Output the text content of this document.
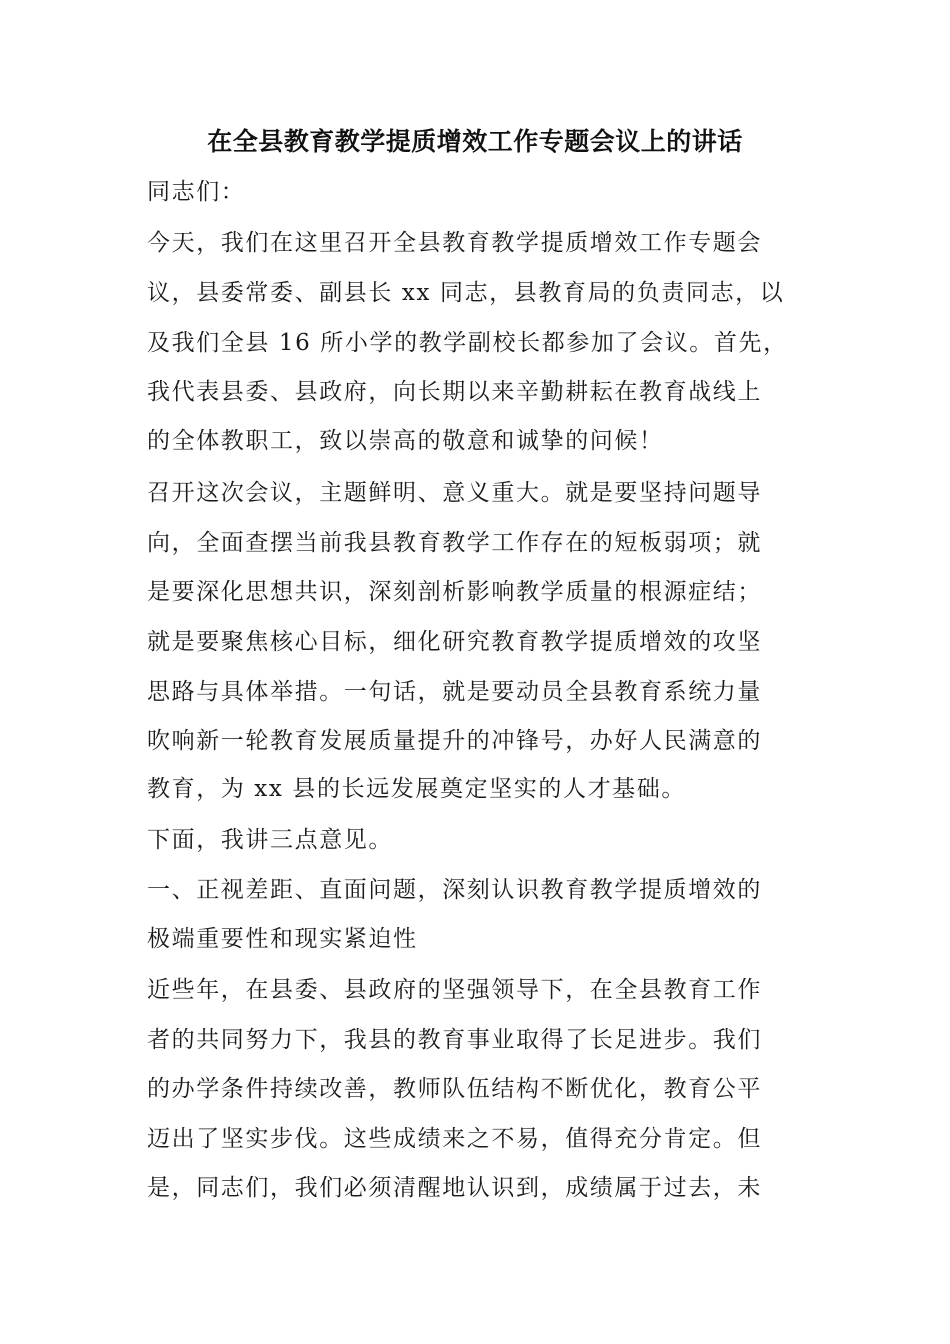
在全县教育教学提质增效工作专题会议上的讲话
同志们：
今天，我们在这里召开全县教育教学提质增效工作专题会
议，县委常委、副县长 xx 同志，县教育局的负责同志，以
及我们全县 16 所小学的教学副校长都参加了会议。首先，
我代表县委、县政府，向长期以来辛勤耕耘在教育战线上
的全体教职工，致以崇高的敬意和诚挚的问候！
召开这次会议，主题鲜明、意义重大。就是要坚持问题导
向，全面查摆当前我县教育教学工作存在的短板弱项；就
是要深化思想共识，深刻剖析影响教学质量的根源症结；
就是要聚焦核心目标，细化研究教育教学提质增效的攻坚
思路与具体举措。一句话，就是要动员全县教育系统力量
吹响新一轮教育发展质量提升的冲锋号，办好人民满意的
教育，为 xx 县的长远发展奠定坚实的人才基础。
下面，我讲三点意见。
一、正视差距、直面问题，深刻认识教育教学提质增效的
极端重要性和现实紧迫性
近些年，在县委、县政府的坚强领导下，在全县教育工作
者的共同努力下，我县的教育事业取得了长足进步。我们
的办学条件持续改善，教师队伍结构不断优化，教育公平
迈出了坚实步伐。这些成绩来之不易，值得充分肯定。但
是，同志们，我们必须清醒地认识到，成绩属于过去，未
